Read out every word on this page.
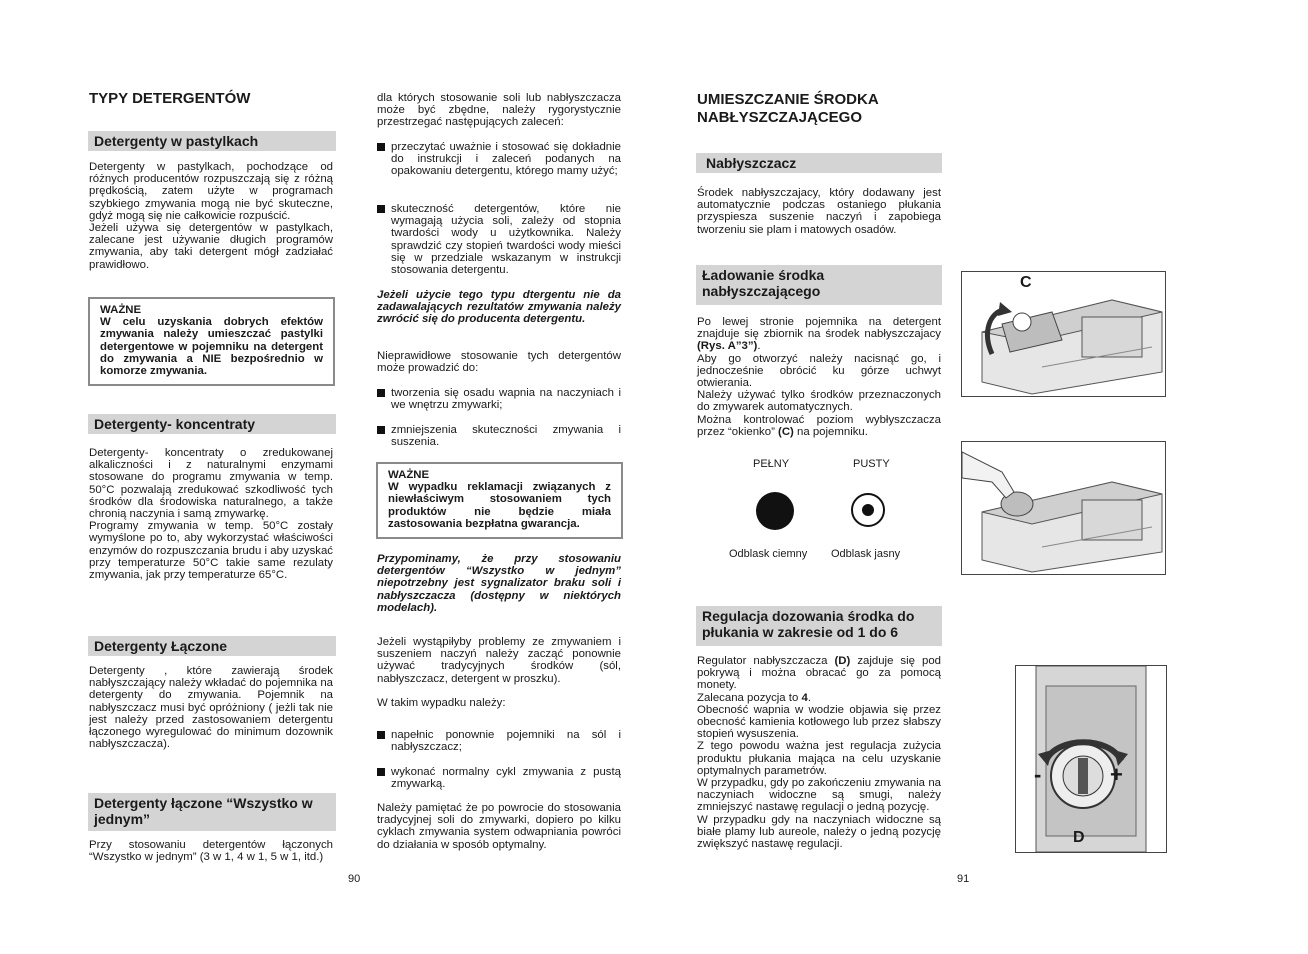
TYPY DETERGENTÓW
Detergenty w pastylkach

Detergenty w pastylkach, pochodzące od różnych producentów rozpuszczają się z różną prędkością, zatem użyte w programach szybkiego zmywania mogą nie być skuteczne, gdyż mogą się nie całkowicie rozpuścić.

Jeżeli używa się detergentów w pastylkach, zalecane jest używanie długich programów zmywania, aby taki detergent mógł zadziałać prawidłowo.

WAŻNE
W celu uzyskania dobrych efektów zmywania należy umieszczać pastylki detergentowe w pojemniku na detergent do zmywania a NIE bezpośrednio w komorze zmywania.
Detergenty- koncentraty

Detergenty- koncentraty o zredukowanej alkaliczności i z naturalnymi enzymami stosowane do programu zmywania w temp. 50°C pozwalają zredukować szkodliwość tych środków dla środowiska naturalnego, a także chronią naczynia i samą zmywarkę.

Programy zmywania w temp. 50°C zostały wymyślone po to, aby wykorzystać właściwości enzymów do rozpuszczania brudu i aby uzyskać przy temperaturze 50°C takie same rezulaty zmywania, jak przy temperaturze 65°C.

Detergenty Łączone

Detergenty , które zawierają środek nabłyszczający należy wkładać do pojemnika na detergenty do zmywania. Pojemnik na nabłyszczacz musi być opróżniony ( jeżli tak nie jest należy przed zastosowaniem detergentu łączonego wyregulować do minimum dozownik nabłyszczacza).

Detergenty łączone “Wszystko w jednym”

Przy stosowaniu detergentów łączonych “Wszystko w jednym” (3 w 1, 4 w 1, 5 w 1, itd.)

dla których stosowanie soli lub nabłyszczacza może być zbędne, należy rygorystycznie przestrzegać następujących zaleceń:
przeczytać uważnie i stosować się dokładnie do instrukcji i zaleceń podanych na opakowaniu detergentu, którego mamy użyć;
skuteczność detergentów, które nie wymagają użycia soli, zależy od stopnia twardości wody u użytkownika. Należy sprawdzić czy stopień twardości wody mieści się w przedziale wskazanym w instrukcji stosowania detergentu.
Jeżeli użycie tego typu dtergentu nie da zadawalających rezultatów zmywania należy zwrócić się do producenta detergentu.
Nieprawidłowe stosowanie tych detergentów może prowadzić do:
tworzenia się osadu wapnia na naczyniach i we wnętrzu zmywarki;
zmniejszenia skuteczności zmywania i suszenia.
WAŻNE
W wypadku reklamacji związanych z niewłaściwym stosowaniem tych produktów nie będzie miała zastosowania bezpłatna gwarancja.
Przypominamy, że przy stosowaniu detergentów “Wszystko w jednym” niepotrzebny jest sygnalizator braku soli i nabłyszczacza (dostępny w niektórych modelach).
Jeżeli wystąpiłyby problemy ze zmywaniem i suszeniem naczyń należy zacząć ponownie używać tradycyjnych środków (sól, nabłyszczacz, detergent w proszku).
W takim wypadku należy:
napełnic ponownie pojemniki na sól i nabłyszczacz;
wykonać normalny cykl zmywania z pustą zmywarką.
Należy pamiętać że po powrocie do stosowania tradycyjnej soli do zmywarki, dopiero po kilku cyklach zmywania system odwapniania powróci do działania w sposób optymalny.
90
UMIESZCZANIE ŚRODKA
NABŁYSZCZAJĄCEGO
Nabłyszczacz
Środek nabłyszczajacy, który dodawany jest automatycznie podczas ostaniego płukania przyspiesza suszenie naczyń i zapobiega tworzeniu sie plam i matowych osadów.
Ładowanie środka nabłyszczającego

Po lewej stronie pojemnika na detergent znajduje się zbiornik na środek nabłyszczajacy (Rys. A”3”).

Aby go otworzyć należy nacisnąć go, i jednocześnie obrócić ku górze uchwyt otwierania.

Należy używać tylko środków przeznaczonych do zmywarek automatycznych.

Można kontrolować poziom wybłyszczacza przez “okienko” (C) na pojemniku.

PEŁNY	PUSTY
Odblask ciemny Odblask jasny
Regulacja dozowania środka do płukania w zakresie od 1 do 6

Regulator nabłyszczacza (D) zajduje się pod pokrywą i można obracać go za pomocą monety.

Zalecana pozycja to 4.

Obecność wapnia w wodzie objawia się przez obecność kamienia kotłowego lub przez słabszy stopień wysuszenia.

Z tego powodu ważna jest regulacja zużycia produktu płukania mająca na celu uzyskanie optymalnych parametrów.

W przypadku, gdy po zakończeniu zmywania na naczyniach widoczne są smugi, należy zmniejszyć nastawę regulacji o jedną pozycję.

W przypadku gdy na naczyniach widoczne są białe plamy lub aureole, należy o jedną pozycję zwiększyć nastawę regulacji.

91
C
-	+
D
